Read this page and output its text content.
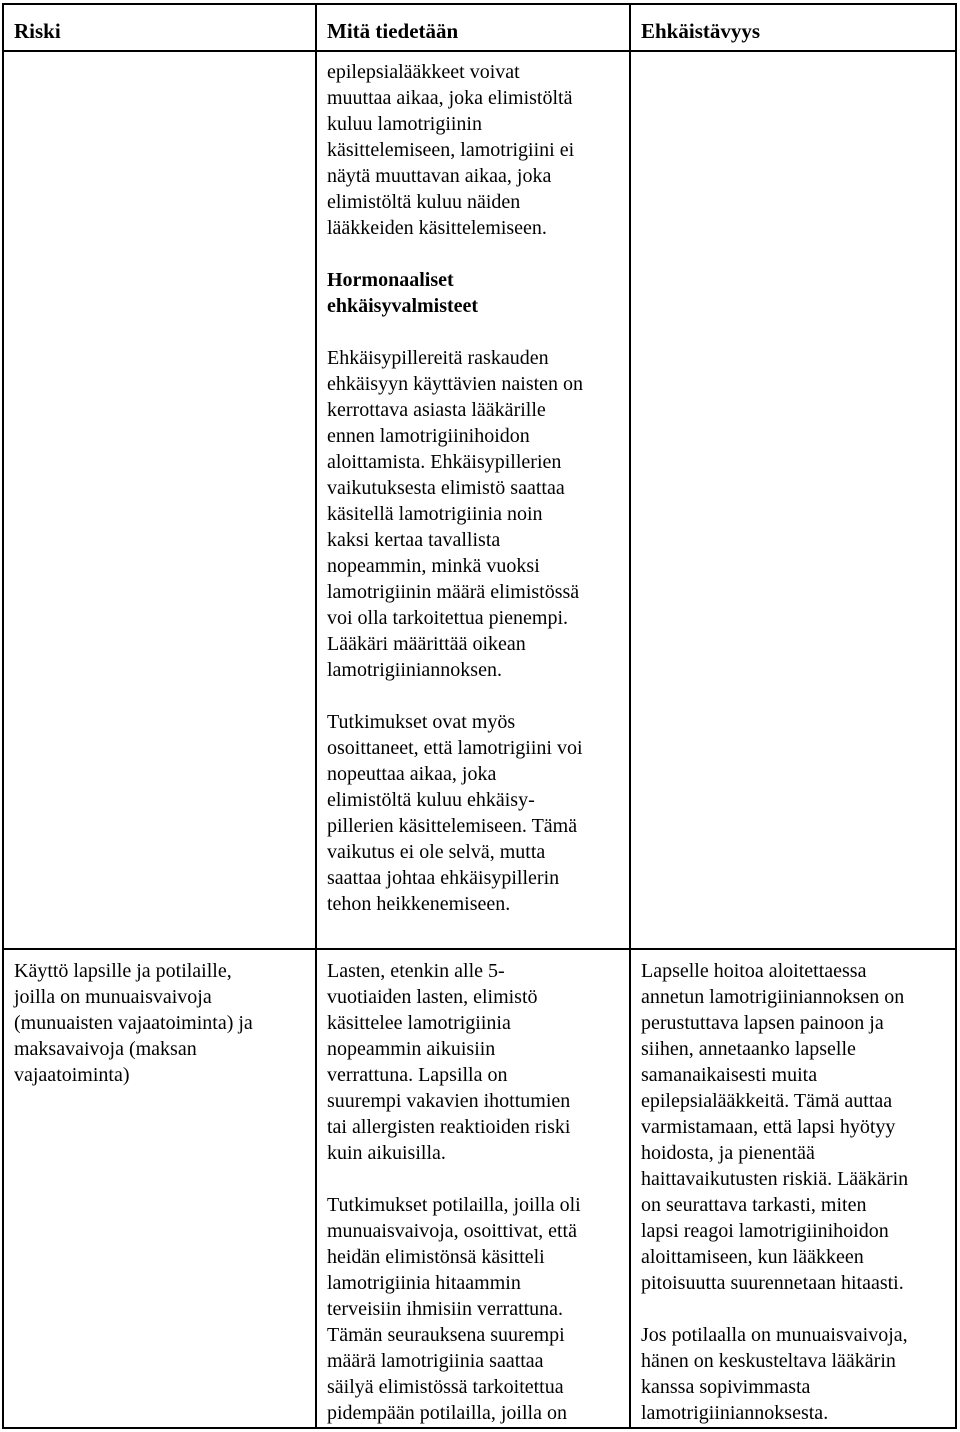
Riski	Mitä tiedetään	Ehkäistävyys
epilepsialääkkeet voivat
muuttaa aikaa, joka elimistöltä
kuluu lamotrigiinin
käsittelemiseen, lamotrigiini ei
näytä muuttavan aikaa, joka
elimistöltä kuluu näiden
lääkkeiden käsittelemiseen.
Hormonaaliset
ehkäisyvalmisteet
Ehkäisypillereitä raskauden
ehkäisyyn käyttävien naisten on
kerrottava asiasta lääkärille
ennen lamotrigiinihoidon
aloittamista. Ehkäisypillerien
vaikutuksesta elimistö saattaa
käsitellä lamotrigiinia noin
kaksi kertaa tavallista
nopeammin, minkä vuoksi
lamotrigiinin määrä elimistössä
voi olla tarkoitettua pienempi.
Lääkäri määrittää oikean
lamotrigiiniannoksen.
Tutkimukset ovat myös
osoittaneet, että lamotrigiini voi
nopeuttaa aikaa, joka
elimistöltä kuluu ehkäisy-
pillerien käsittelemiseen. Tämä
vaikutus ei ole selvä, mutta
saattaa johtaa ehkäisypillerin
tehon heikkenemiseen.
Käyttö lapsille ja potilaille,
joilla on munuaisvaivoja
(munuaisten vajaatoiminta) ja
maksavaivoja (maksan
vajaatoiminta)
Lasten, etenkin alle 5-
vuotiaiden lasten, elimistö
käsittelee lamotrigiinia
nopeammin aikuisiin
verrattuna. Lapsilla on
suurempi vakavien ihottumien
tai allergisten reaktioiden riski
kuin aikuisilla.
Tutkimukset potilailla, joilla oli
munuaisvaivoja, osoittivat, että
heidän elimistönsä käsitteli
lamotrigiinia hitaammin
terveisiin ihmisiin verrattuna.
Tämän seurauksena suurempi
määrä lamotrigiinia saattaa
säilyä elimistössä tarkoitettua
pidempään potilailla, joilla on
Lapselle hoitoa aloitettaessa
annetun lamotrigiiniannoksen on
perustuttava lapsen painoon ja
siihen, annetaanko lapselle
samanaikaisesti muita
epilepsialääkkeitä. Tämä auttaa
varmistamaan, että lapsi hyötyy
hoidosta, ja pienentää
haittavaikutusten riskiä. Lääkärin
on seurattava tarkasti, miten
lapsi reagoi lamotrigiinihoidon
aloittamiseen, kun lääkkeen
pitoisuutta suurennetaan hitaasti.
Jos potilaalla on munuaisvaivoja,
hänen on keskusteltava lääkärin
kanssa sopivimmasta
lamotrigiiniannoksesta.
